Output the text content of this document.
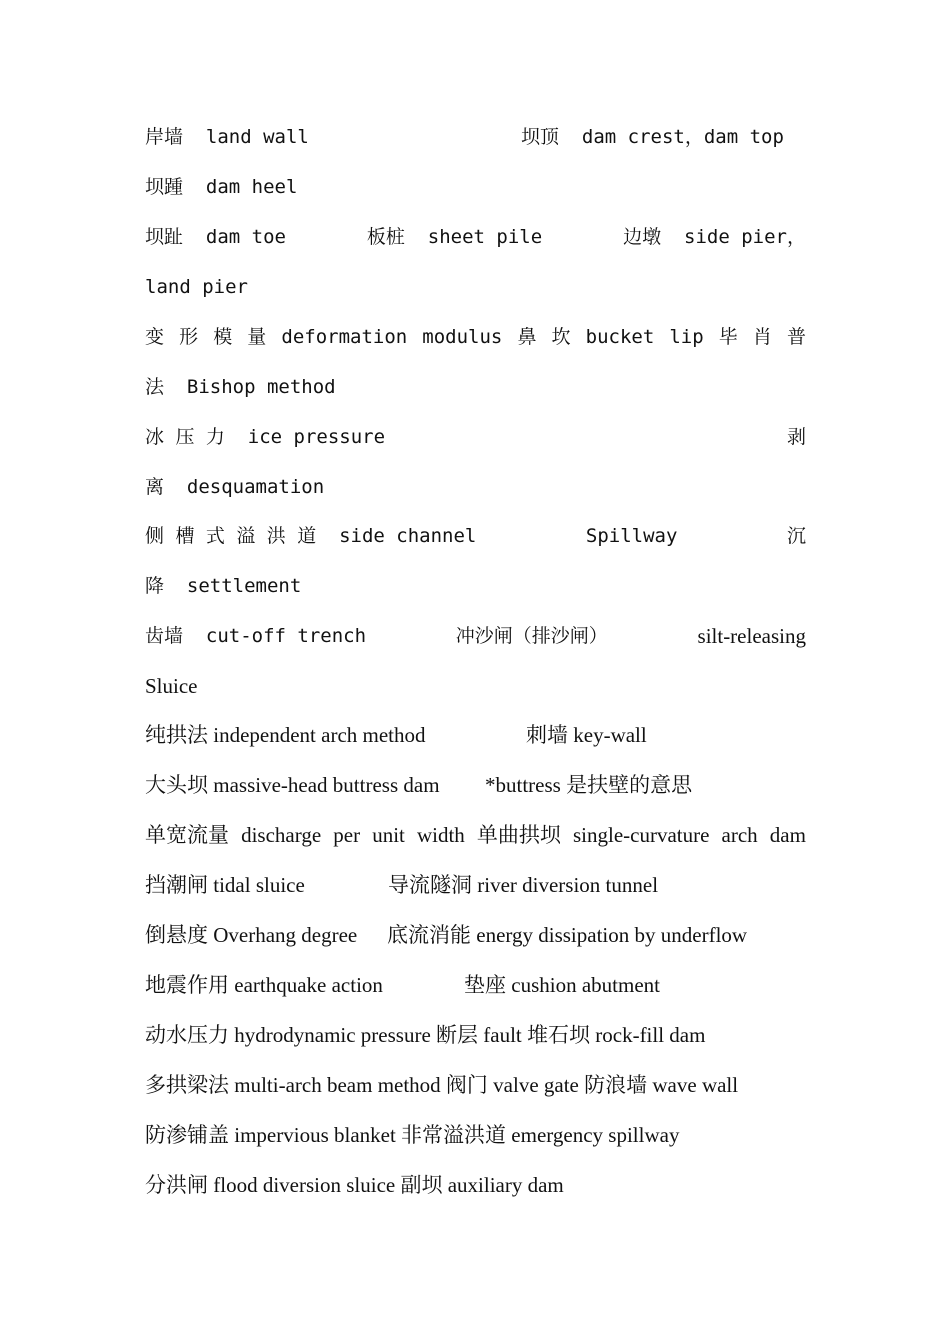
岸墙  land wall	坝顶  dam crest，dam top
坝踵  dam heel
坝趾  dam toe	板桩  sheet pile	边墩  side pier，
land pier
变 形 模 量 deformation modulus 鼻 坎 bucket lip 毕 肖 普
法  Bishop method
冰 压 力  ice pressure	剥
离  desquamation
侧 槽 式 溢 洪 道  side channel	Spillway	沉
降  settlement
齿墙  cut-off trench	冲沙闸（排沙闸）	silt-releasing
Sluice
纯拱法 independent arch method	刺墙 key-wall
大头坝 massive-head buttress dam *buttress 是扶壁的意思
单宽流量 discharge per unit width 单曲拱坝 single-curvature arch dam
挡潮闸 tidal sluice	导流隧洞 river diversion tunnel
倒悬度 Overhang degree 底流消能 energy dissipation by underflow
地震作用 earthquake action	垫座 cushion abutment
动水压力 hydrodynamic pressure 断层 fault 堆石坝 rock-fill dam
多拱梁法 multi-arch beam method 阀门 valve gate 防浪墙 wave wall
防渗铺盖 impervious blanket 非常溢洪道 emergency spillway
分洪闸 flood diversion sluice 副坝 auxiliary dam
